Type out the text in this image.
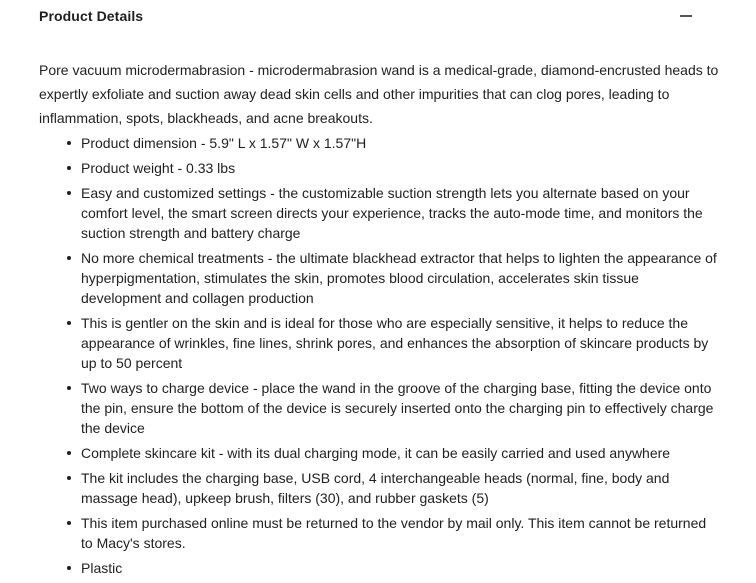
Product Details

Pore vacuum microdermabrasion - microdermabrasion wand is a medical-grade, diamond-encrusted heads to expertly exfoliate and suction away dead skin cells and other impurities that can clog pores, leading to inflammation, spots, blackheads, and acne breakouts.

Product dimension - 5.9" L x 1.57" W x 1.57"H
Product weight - 0.33 lbs
Easy and customized settings - the customizable suction strength lets you alternate based on your comfort level, the smart screen directs your experience, tracks the auto-mode time, and monitors the suction strength and battery charge
No more chemical treatments - the ultimate blackhead extractor that helps to lighten the appearance of hyperpigmentation, stimulates the skin, promotes blood circulation, accelerates skin tissue development and collagen production
This is gentler on the skin and is ideal for those who are especially sensitive, it helps to reduce the appearance of wrinkles, fine lines, shrink pores, and enhances the absorption of skincare products by up to 50 percent
Two ways to charge device - place the wand in the groove of the charging base, fitting the device onto the pin, ensure the bottom of the device is securely inserted onto the charging pin to effectively charge the device
Complete skincare kit - with its dual charging mode, it can be easily carried and used anywhere
The kit includes the charging base, USB cord, 4 interchangeable heads (normal, fine, body and massage head), upkeep brush, filters (30), and rubber gaskets (5)
This item purchased online must be returned to the vendor by mail only. This item cannot be returned to Macy's stores.
Plastic
